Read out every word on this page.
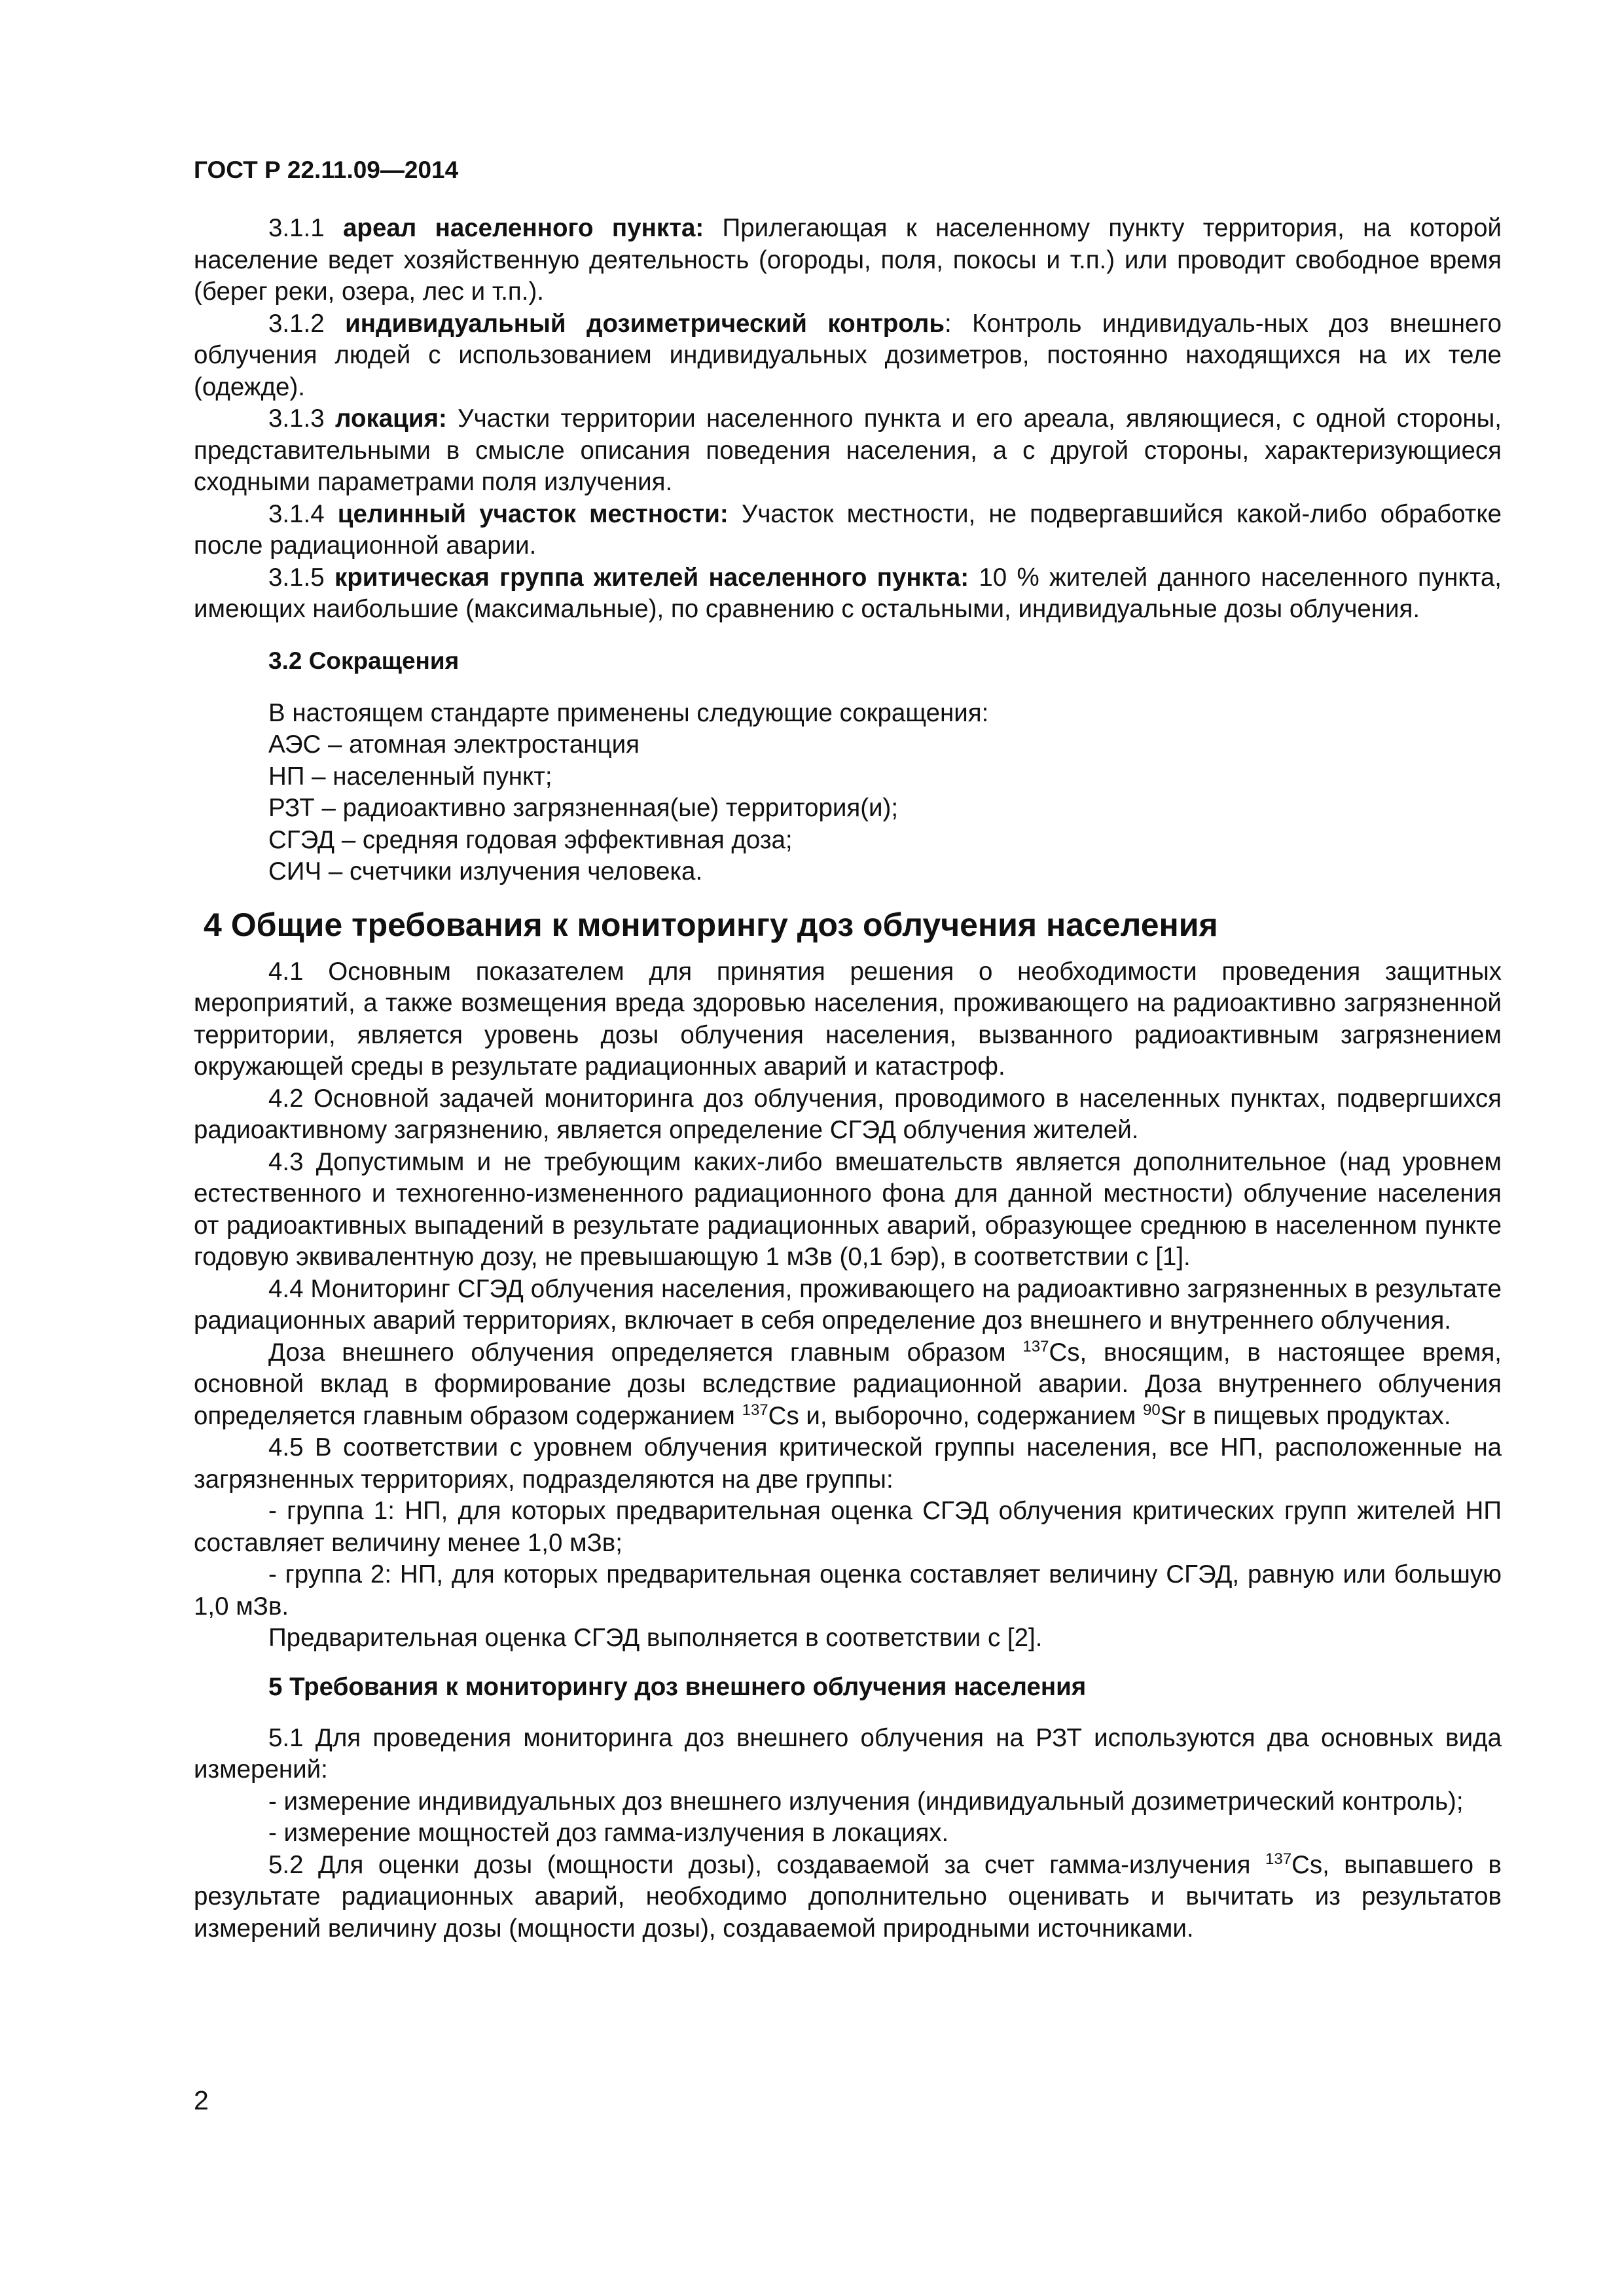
ГОСТ Р 22.11.09—2014

3.1.1 ареал населенного пункта: Прилегающая к населенному пункту территория, на которой население ведет хозяйственную деятельность (огороды, поля, покосы и т.п.) или проводит свободное время (берег реки, озера, лес и т.п.).

3.1.2 индивидуальный дозиметрический контроль: Контроль индивидуаль-ных доз внешнего облучения людей с использованием индивидуальных дозиметров, постоянно находящихся на их теле (одежде).

3.1.3 локация: Участки территории населенного пункта и его ареала, являющиеся, с одной стороны, представительными в смысле описания поведения населения, а с другой стороны, характеризующиеся сходными параметрами поля излучения.

3.1.4 целинный участок местности: Участок местности, не подвергавшийся какой-либо обработке после радиационной аварии.

3.1.5 критическая группа жителей населенного пункта: 10 % жителей данного населенного пункта, имеющих наибольшие (максимальные), по сравнению с остальными, индивидуальные дозы облучения.

3.2 Сокращения

В настоящем стандарте применены следующие сокращения:

АЭС – атомная электростанция

НП – населенный пункт;

РЗТ – радиоактивно загрязненная(ые) территория(и);

СГЭД – средняя годовая эффективная доза;

СИЧ – счетчики излучения человека.

4 Общие требования к мониторингу доз облучения населения

4.1 Основным показателем для принятия решения о необходимости проведения защитных мероприятий, а также возмещения вреда здоровью населения, проживающего на радиоактивно загрязненной территории, является уровень дозы облучения населения, вызванного радиоактивным загрязнением окружающей среды в результате радиационных аварий и катастроф.

4.2 Основной задачей мониторинга доз облучения, проводимого в населенных пунктах, подвергшихся радиоактивному загрязнению, является определение СГЭД облучения жителей.

4.3 Допустимым и не требующим каких-либо вмешательств является дополнительное (над уровнем естественного и техногенно-измененного радиационного фона для данной местности) облучение населения от радиоактивных выпадений в результате радиационных аварий, образующее среднюю в населенном пункте годовую эквивалентную дозу, не превышающую 1 мЗв (0,1 бэр), в соответствии с [1].

4.4 Мониторинг СГЭД облучения населения, проживающего на радиоактивно загрязненных в результате радиационных аварий территориях, включает в себя определение доз внешнего и внутреннего облучения.

Доза внешнего облучения определяется главным образом $^{137}$Cs, вносящим, в настоящее время, основной вклад в формирование дозы вследствие радиационной аварии. Доза внутреннего облучения определяется главным образом содержанием $^{137}$Cs и, выборочно, содержанием $^{90}$Sr в пищевых продуктах.

4.5 В соответствии с уровнем облучения критической группы населения, все НП, расположенные на загрязненных территориях, подразделяются на две группы:

- группа 1: НП, для которых предварительная оценка СГЭД облучения критических групп жителей НП составляет величину менее 1,0 мЗв;

- группа 2: НП, для которых предварительная оценка составляет величину СГЭД, равную или большую 1,0 мЗв.

Предварительная оценка СГЭД выполняется в соответствии с [2].

5 Требования к мониторингу доз внешнего облучения населения

5.1 Для проведения мониторинга доз внешнего облучения на РЗТ используются два основных вида измерений:

- измерение индивидуальных доз внешнего излучения (индивидуальный дозиметрический контроль);

- измерение мощностей доз гамма-излучения в локациях.

5.2 Для оценки дозы (мощности дозы), создаваемой за счет гамма-излучения $^{137}$Cs, выпавшего в результате радиационных аварий, необходимо дополнительно оценивать и вычитать из результатов измерений величину дозы (мощности дозы), создаваемой природными источниками.

2
